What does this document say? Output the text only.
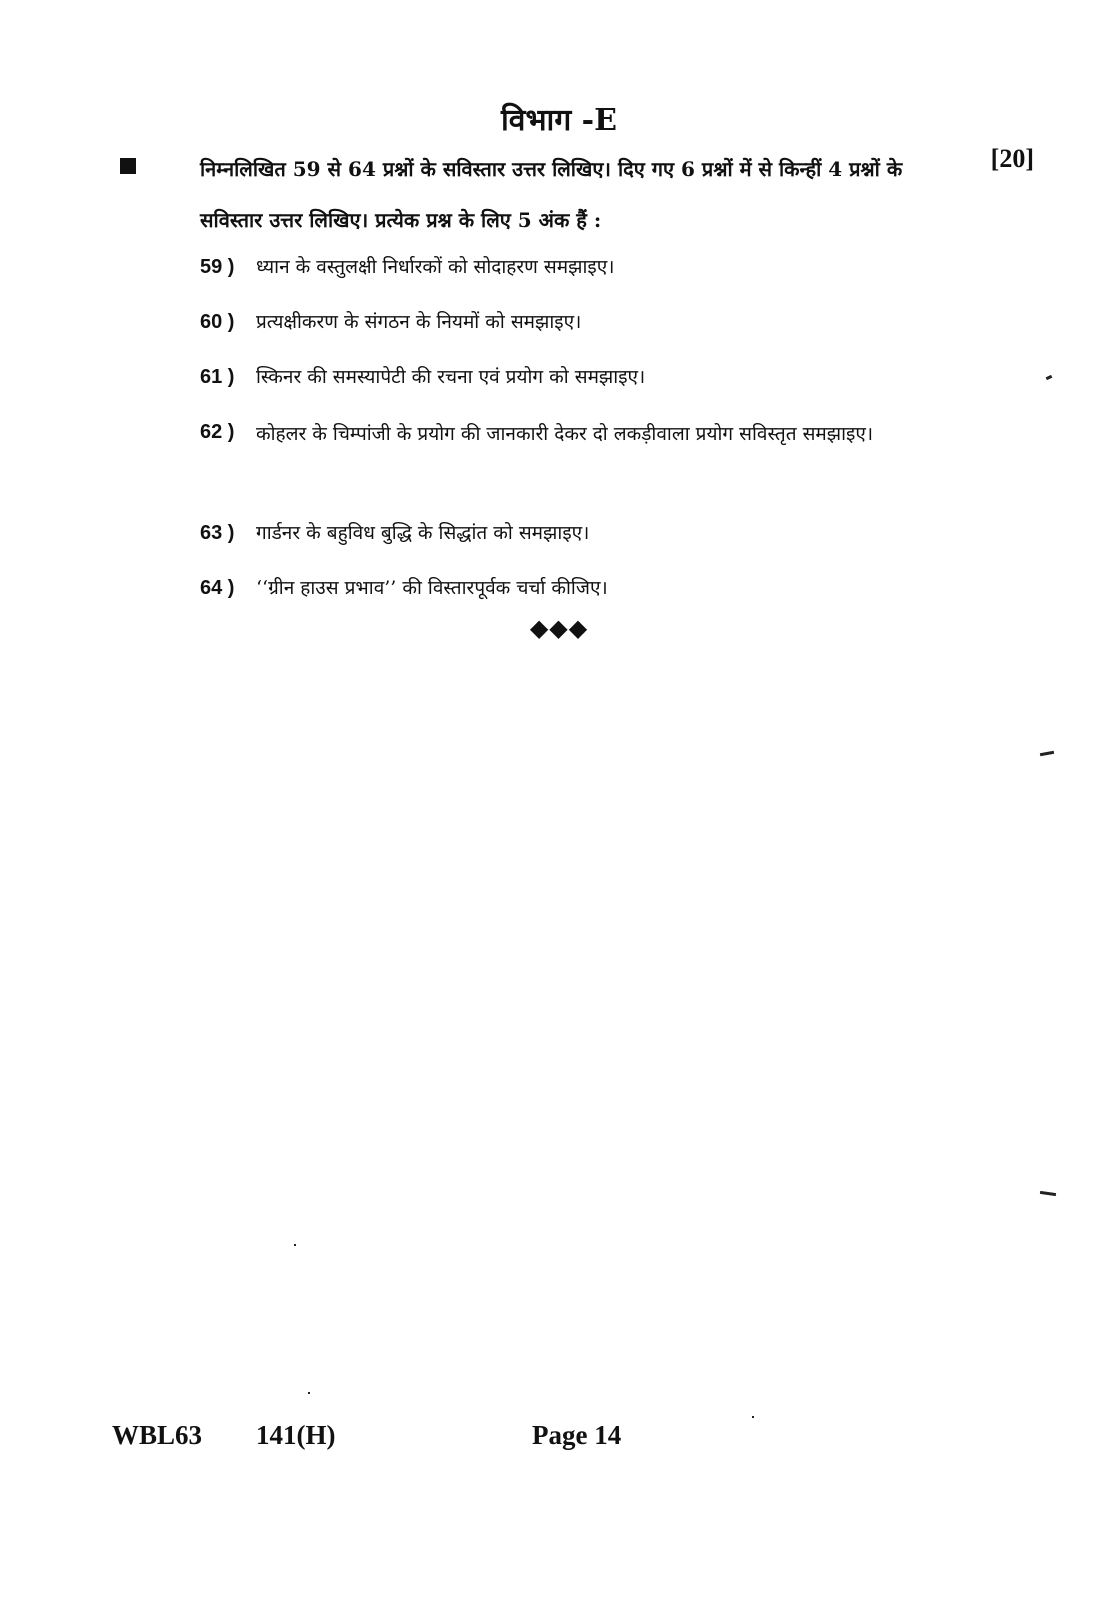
विभाग -E
निम्नलिखित 59 से 64 प्रश्नों के सविस्तार उत्तर लिखिए। दिए गए 6 प्रश्नों में से किन्हीं 4 प्रश्नों के सविस्तार उत्तर लिखिए। प्रत्येक प्रश्न के लिए 5 अंक हैं :
[20]
59 )	ध्यान के वस्तुलक्षी निर्धारकों को सोदाहरण समझाइए।
60 )	प्रत्यक्षीकरण के संगठन के नियमों को समझाइए।
61 )	स्किनर की समस्यापेटी की रचना एवं प्रयोग को समझाइए।
62 )	कोहलर के चिम्पांजी के प्रयोग की जानकारी देकर दो लकड़ीवाला प्रयोग सविस्तृत समझाइए।
63 )	गार्डनर के बहुविध बुद्धि के सिद्धांत को समझाइए।
64 )	‘‘ग्रीन हाउस प्रभाव’’ की विस्तारपूर्वक चर्चा कीजिए।
◆◆◆
WBL63 141(H)	Page 14
